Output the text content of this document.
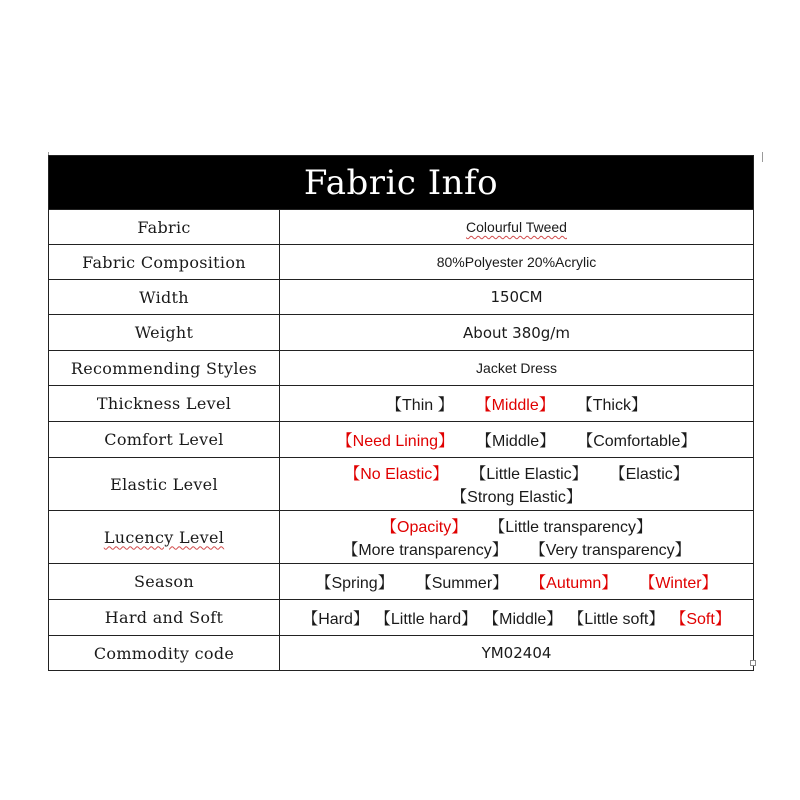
Fabric Info
Fabric	Colourful Tweed
Fabric Composition	80%Polyester 20%Acrylic
Width	150CM
Weight	About 380g/m
Recommending Styles	Jacket Dress
Thickness Level	【Thin 】 【Middle】 【Thick】
Comfort Level	【Need Lining】 【Middle】 【Comfortable】
Elastic Level	【No Elastic】 【Little Elastic】 【Elastic】
【Strong Elastic】
Lucency Level	【Opacity】 【Little transparency】
【More transparency】 【Very transparency】
Season	【Spring】 【Summer】 【Autumn】 【Winter】
Hard and Soft	【Hard】 【Little hard】 【Middle】 【Little soft】 【Soft】
Commodity code	YM02404
